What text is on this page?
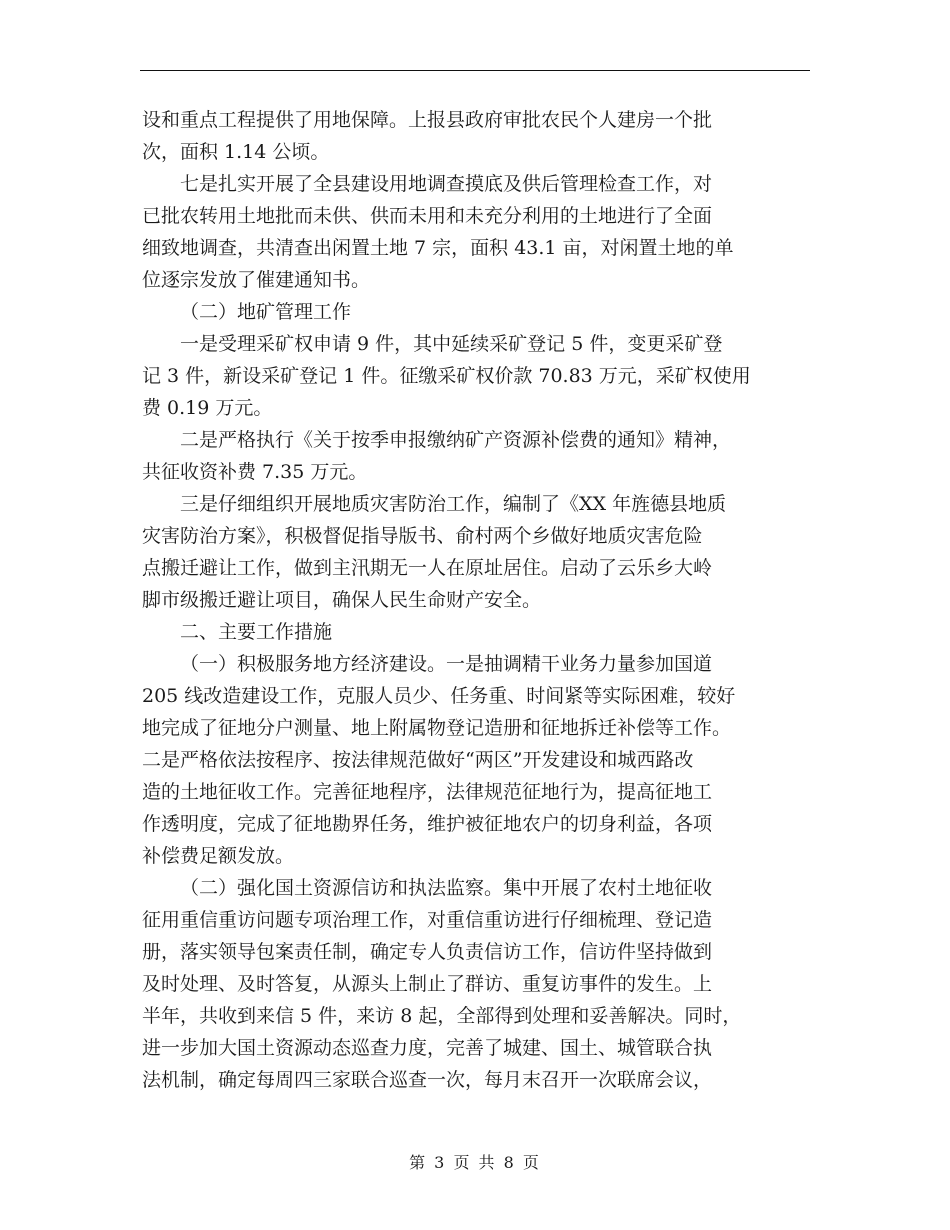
设和重点工程提供了用地保障。上报县政府审批农民个人建房一个批
次，面积 1.14 公顷。
七是扎实开展了全县建设用地调查摸底及供后管理检查工作，对
已批农转用土地批而未供、供而未用和未充分利用的土地进行了全面
细致地调查，共清查出闲置土地 7 宗，面积 43.1 亩，对闲置土地的单
位逐宗发放了催建通知书。
（二）地矿管理工作
一是受理采矿权申请 9 件，其中延续采矿登记 5 件，变更采矿登
记 3 件，新设采矿登记 1 件。征缴采矿权价款 70.83 万元，采矿权使用
费 0.19 万元。
二是严格执行《关于按季申报缴纳矿产资源补偿费的通知》精神，
共征收资补费 7.35 万元。
三是仔细组织开展地质灾害防治工作，编制了《XX 年旌德县地质
灾害防治方案》，积极督促指导版书、俞村两个乡做好地质灾害危险
点搬迁避让工作，做到主汛期无一人在原址居住。启动了云乐乡大岭
脚市级搬迁避让项目，确保人民生命财产安全。
二、主要工作措施
（一）积极服务地方经济建设。一是抽调精干业务力量参加国道
205 线改造建设工作，克服人员少、任务重、时间紧等实际困难，较好
地完成了征地分户测量、地上附属物登记造册和征地拆迁补偿等工作。
二是严格依法按程序、按法律规范做好“两区”开发建设和城西路改
造的土地征收工作。完善征地程序，法律规范征地行为，提高征地工
作透明度，完成了征地勘界任务，维护被征地农户的切身利益，各项
补偿费足额发放。
（二）强化国土资源信访和执法监察。集中开展了农村土地征收
征用重信重访问题专项治理工作，对重信重访进行仔细梳理、登记造
册，落实领导包案责任制，确定专人负责信访工作，信访件坚持做到
及时处理、及时答复，从源头上制止了群访、重复访事件的发生。上
半年，共收到来信 5 件，来访 8 起，全部得到处理和妥善解决。同时，
进一步加大国土资源动态巡查力度，完善了城建、国土、城管联合执
法机制，确定每周四三家联合巡查一次，每月末召开一次联席会议，
第 3 页 共 8 页
